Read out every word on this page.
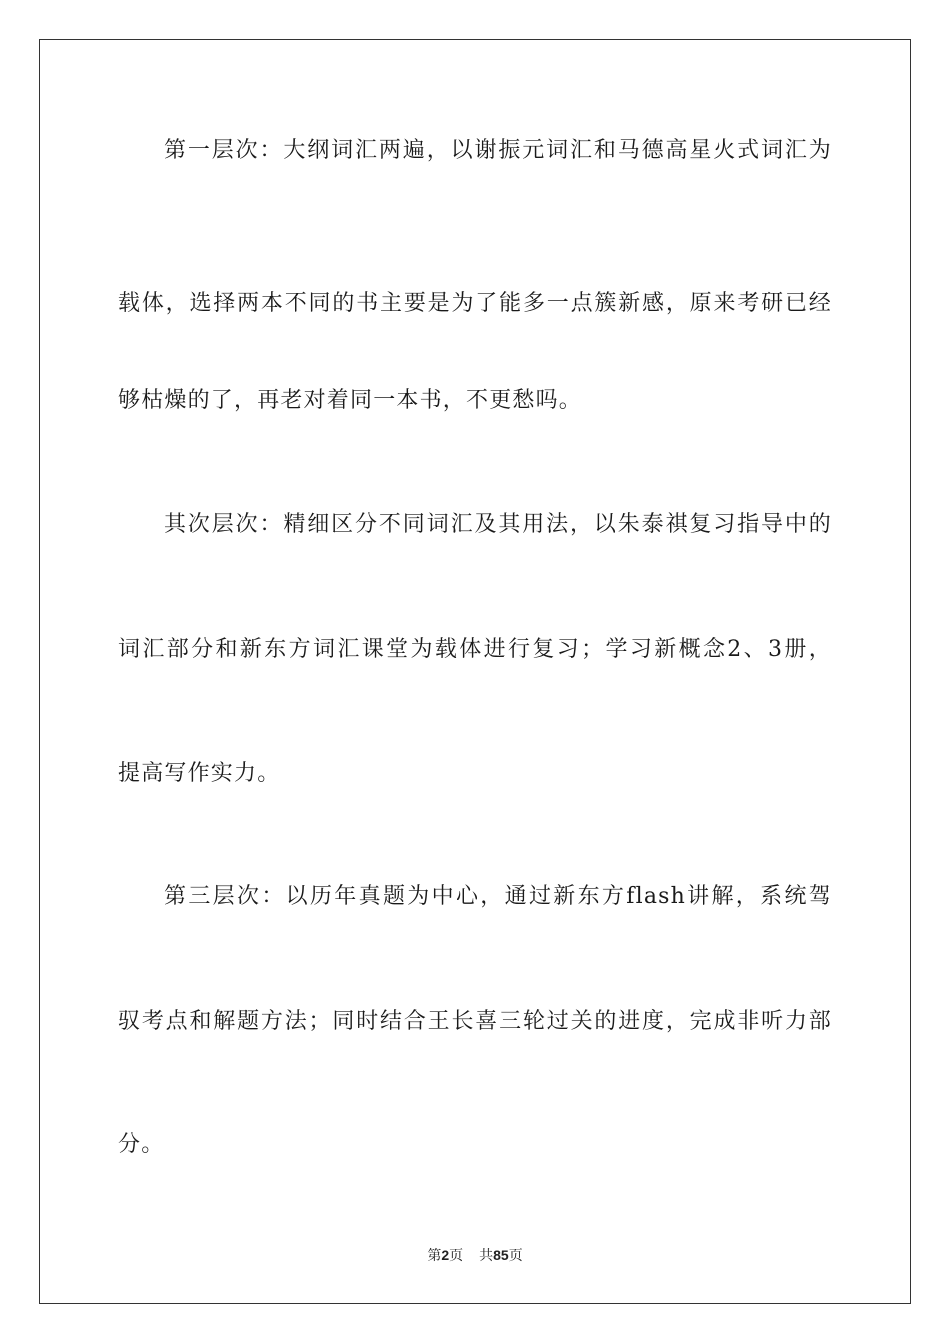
第一层次：大纲词汇两遍，以谢振元词汇和马德高星火式词汇为
载体，选择两本不同的书主要是为了能多一点簇新感，原来考研已经
够枯燥的了，再老对着同一本书，不更愁吗。
其次层次：精细区分不同词汇及其用法，以朱泰祺复习指导中的
词汇部分和新东方词汇课堂为载体进行复习；学习新概念2、3册，
提高写作实力。
第三层次：以历年真题为中心，通过新东方flash讲解，系统驾
驭考点和解题方法；同时结合王长喜三轮过关的进度，完成非听力部
分。
第2页 共85页
